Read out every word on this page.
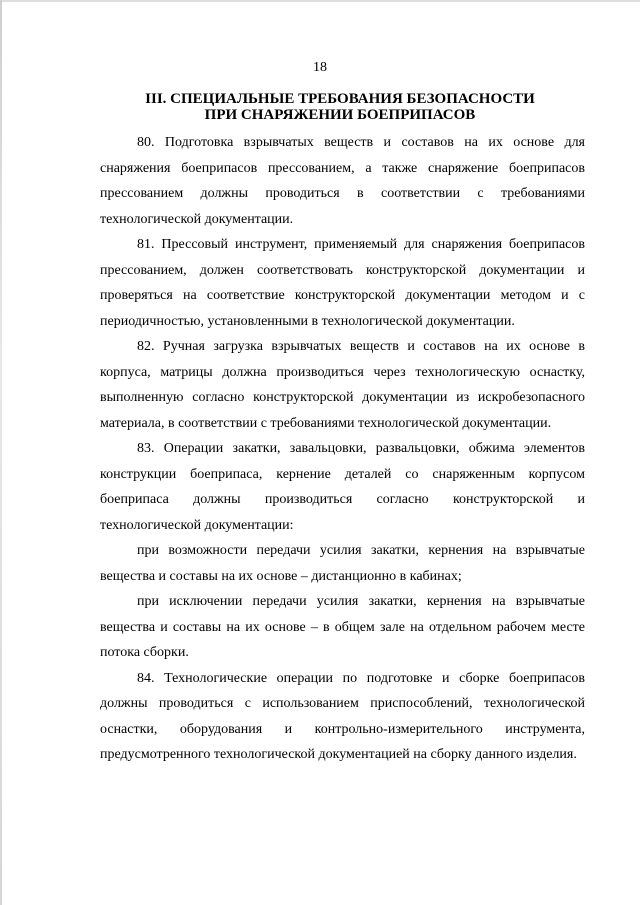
18
III. СПЕЦИАЛЬНЫЕ ТРЕБОВАНИЯ БЕЗОПАСНОСТИ
ПРИ СНАРЯЖЕНИИ БОЕПРИПАСОВ

80. Подготовка взрывчатых веществ и составов на их основе для снаряжения боеприпасов прессованием, а также снаряжение боеприпасов прессованием должны проводиться в соответствии с требованиями технологической документации.

81. Прессовый инструмент, применяемый для снаряжения боеприпасов прессованием, должен соответствовать конструкторской документации и проверяться на соответствие конструкторской документации методом и с периодичностью, установленными в технологической документации.

82. Ручная загрузка взрывчатых веществ и составов на их основе в корпуса, матрицы должна производиться через технологическую оснастку, выполненную согласно конструкторской документации из искробезопасного материала, в соответствии с требованиями технологической документации.

83. Операции закатки, завальцовки, развальцовки, обжима элементов конструкции боеприпаса, кернение деталей со снаряженным корпусом боеприпаса должны производиться согласно конструкторской и технологической документации:

при возможности передачи усилия закатки, кернения на взрывчатые вещества и составы на их основе – дистанционно в кабинах;

при исключении передачи усилия закатки, кернения на взрывчатые вещества и составы на их основе – в общем зале на отдельном рабочем месте потока сборки.

84. Технологические операции по подготовке и сборке боеприпасов должны проводиться с использованием приспособлений, технологической оснастки, оборудования и контрольно-измерительного инструмента, предусмотренного технологической документацией на сборку данного изделия.
